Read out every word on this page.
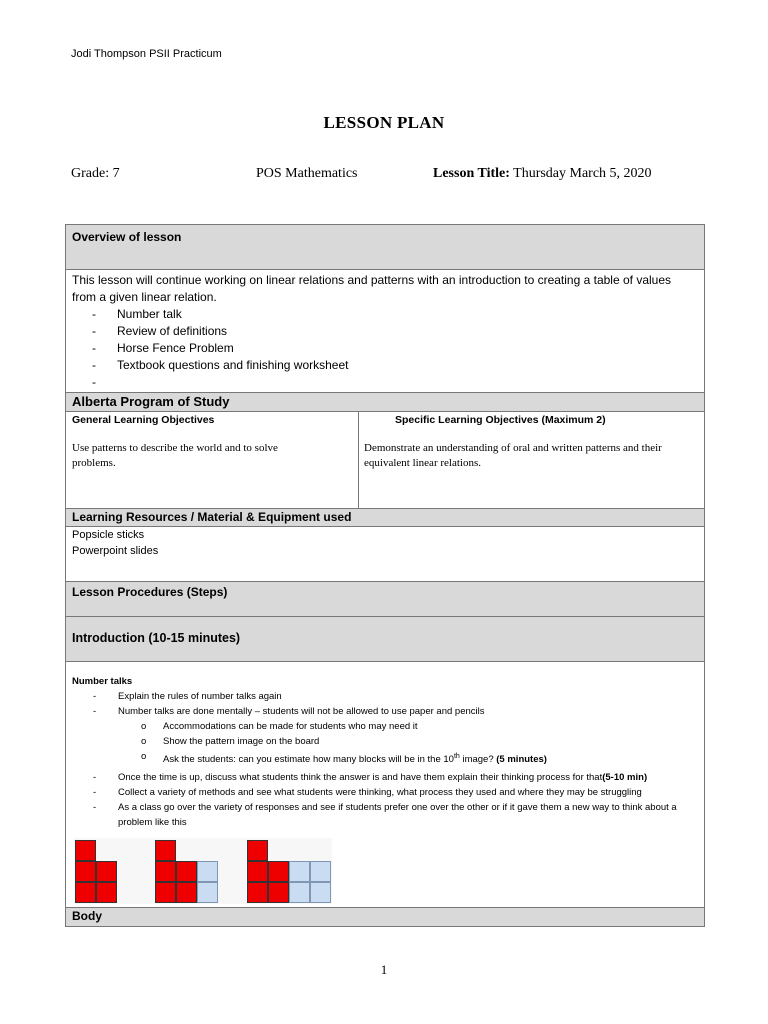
Jodi Thompson PSII Practicum
LESSON PLAN
Grade: 7	POS Mathematics	Lesson Title: Thursday March 5, 2020
Overview of lesson
This lesson will continue working on linear relations and patterns with an introduction to creating a table of values from a given linear relation.
- Number talk
- Review of definitions
- Horse Fence Problem
- Textbook questions and finishing worksheet
Alberta Program of Study
General Learning Objectives
Use patterns to describe the world and to solve problems.
Specific Learning Objectives (Maximum 2)
Demonstrate an understanding of oral and written patterns and their equivalent linear relations.
Learning Resources / Material & Equipment used
Popsicle sticks
Powerpoint slides
Lesson Procedures (Steps)
Introduction (10-15 minutes)
Number talks
- Explain the rules of number talks again
- Number talks are done mentally – students will not be allowed to use paper and pencils
o Accommodations can be made for students who may need it
o Show the pattern image on the board
o Ask the students: can you estimate how many blocks will be in the 10th image? (5 minutes)
- Once the time is up, discuss what students think the answer is and have them explain their thinking process for that(5-10 min)
- Collect a variety of methods and see what students were thinking, what process they used and where they may be struggling
- As a class go over the variety of responses and see if students prefer one over the other or if it gave them a new way to think about a problem like this
Body
1
